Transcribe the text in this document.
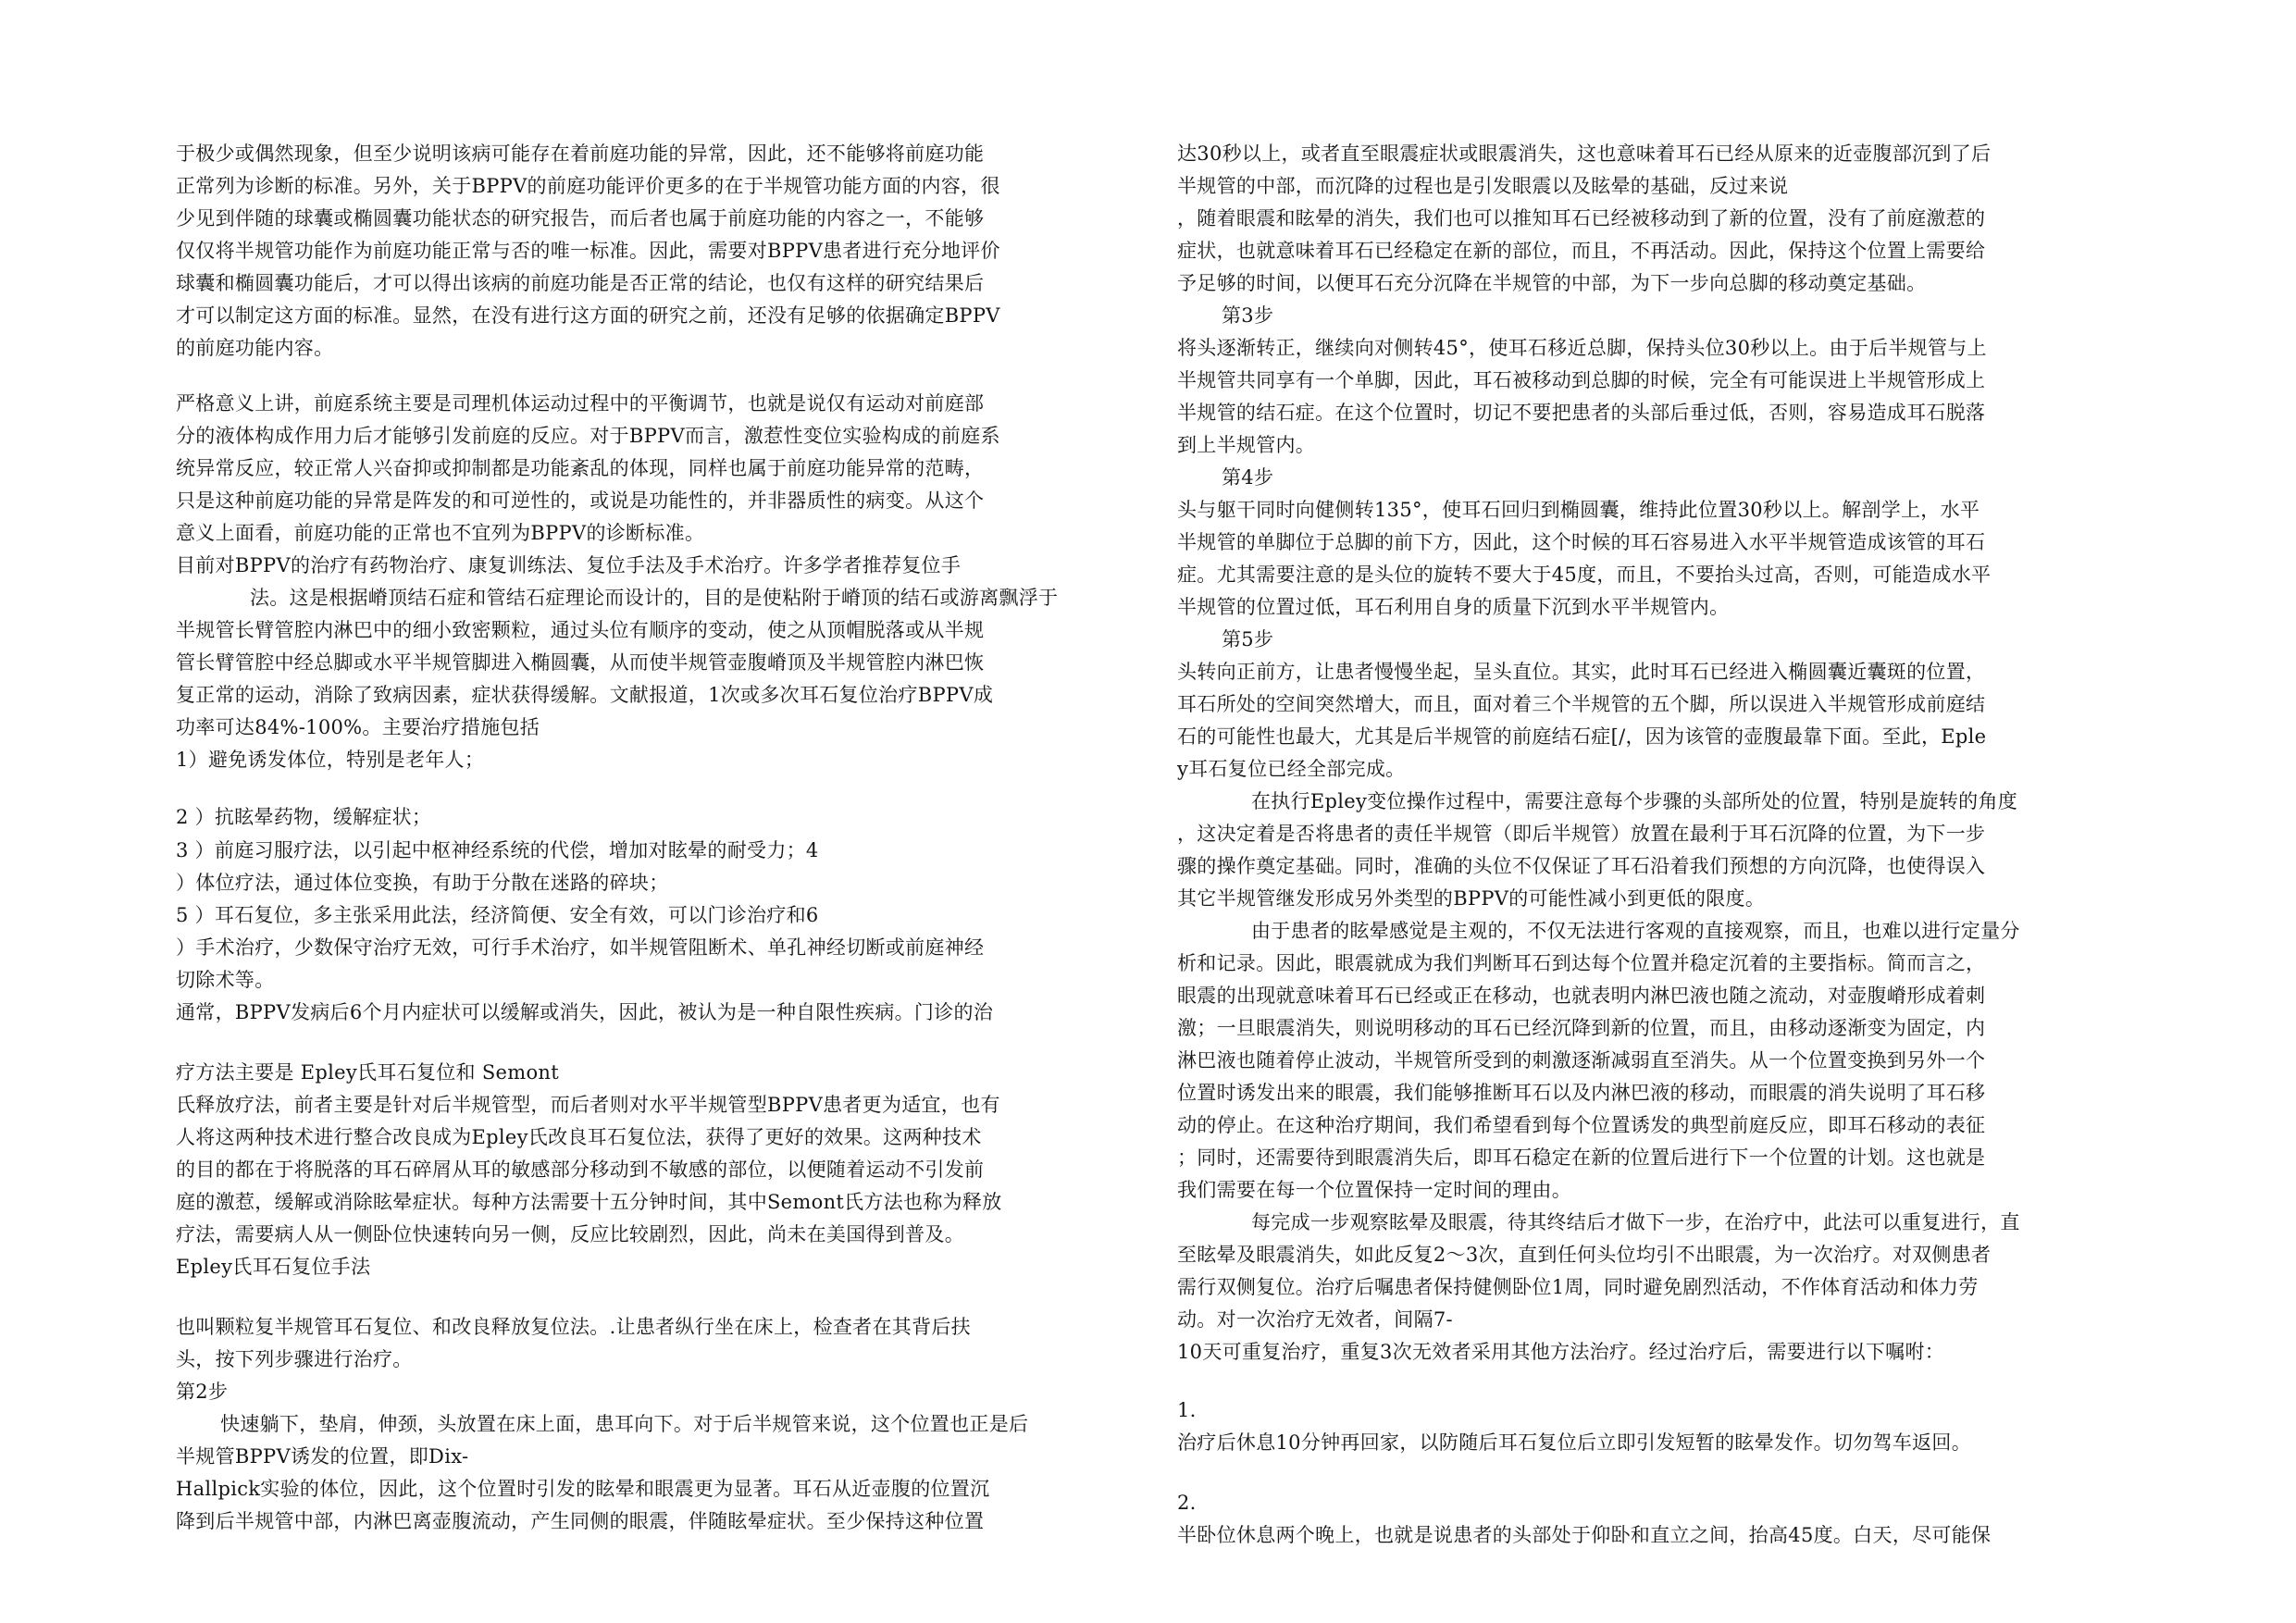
于极少或偶然现象，但至少说明该病可能存在着前庭功能的异常，因此，还不能够将前庭功能
正常列为诊断的标准。另外，关于BPPV的前庭功能评价更多的在于半规管功能方面的内容，很
少见到伴随的球囊或椭圆囊功能状态的研究报告，而后者也属于前庭功能的内容之一，不能够
仅仅将半规管功能作为前庭功能正常与否的唯一标准。因此，需要对BPPV患者进行充分地评价
球囊和椭圆囊功能后，才可以得出该病的前庭功能是否正常的结论，也仅有这样的研究结果后
才可以制定这方面的标准。显然，在没有进行这方面的研究之前，还没有足够的依据确定BPPV
的前庭功能内容。
严格意义上讲，前庭系统主要是司理机体运动过程中的平衡调节，也就是说仅有运动对前庭部
分的液体构成作用力后才能够引发前庭的反应。对于BPPV而言，激惹性变位实验构成的前庭系
统异常反应，较正常人兴奋抑或抑制都是功能紊乱的体现，同样也属于前庭功能异常的范畴，
只是这种前庭功能的异常是阵发的和可逆性的，或说是功能性的，并非器质性的病变。从这个
意义上面看，前庭功能的正常也不宜列为BPPV的诊断标准。
目前对BPPV的治疗有药物治疗、康复训练法、复位手法及手术治疗。许多学者推荐复位手
法。这是根据嵴顶结石症和管结石症理论而设计的，目的是使粘附于嵴顶的结石或游离飘浮于
半规管长臂管腔内淋巴中的细小致密颗粒，通过头位有顺序的变动，使之从顶帽脱落或从半规
管长臂管腔中经总脚或水平半规管脚进入椭圆囊，从而使半规管壶腹嵴顶及半规管腔内淋巴恢
复正常的运动，消除了致病因素，症状获得缓解。文献报道，1次或多次耳石复位治疗BPPV成
功率可达84%-100%。主要治疗措施包括
1）避免诱发体位，特别是老年人；
2 ）抗眩晕药物，缓解症状；
3 ）前庭习服疗法，以引起中枢神经系统的代偿，增加对眩晕的耐受力；4
）体位疗法，通过体位变换，有助于分散在迷路的碎块；
5 ）耳石复位，多主张采用此法，经济简便、安全有效，可以门诊治疗和6
）手术治疗，少数保守治疗无效，可行手术治疗，如半规管阻断术、单孔神经切断或前庭神经
切除术等。
通常，BPPV发病后6个月内症状可以缓解或消失，因此，被认为是一种自限性疾病。门诊的治
疗方法主要是 Epley氏耳石复位和 Semont
氏释放疗法，前者主要是针对后半规管型，而后者则对水平半规管型BPPV患者更为适宜，也有
人将这两种技术进行整合改良成为Epley氏改良耳石复位法，获得了更好的效果。这两种技术
的目的都在于将脱落的耳石碎屑从耳的敏感部分移动到不敏感的部位，以便随着运动不引发前
庭的激惹，缓解或消除眩晕症状。每种方法需要十五分钟时间，其中Semont氏方法也称为释放
疗法，需要病人从一侧卧位快速转向另一侧，反应比较剧烈，因此，尚未在美国得到普及。
Epley氏耳石复位手法
也叫颗粒复半规管耳石复位、和改良释放复位法。.让患者纵行坐在床上，检查者在其背后扶
头，按下列步骤进行治疗。
第2步
快速躺下，垫肩，伸颈，头放置在床上面，患耳向下。对于后半规管来说，这个位置也正是后
半规管BPPV诱发的位置，即Dix-
Hallpick实验的体位，因此，这个位置时引发的眩晕和眼震更为显著。耳石从近壶腹的位置沉
降到后半规管中部，内淋巴离壶腹流动，产生同侧的眼震，伴随眩晕症状。至少保持这种位置
达30秒以上，或者直至眼震症状或眼震消失，这也意味着耳石已经从原来的近壶腹部沉到了后
半规管的中部，而沉降的过程也是引发眼震以及眩晕的基础，反过来说
，随着眼震和眩晕的消失，我们也可以推知耳石已经被移动到了新的位置，没有了前庭激惹的
症状，也就意味着耳石已经稳定在新的部位，而且，不再活动。因此，保持这个位置上需要给
予足够的时间，以便耳石充分沉降在半规管的中部，为下一步向总脚的移动奠定基础。
第3步
将头逐渐转正，继续向对侧转45°，使耳石移近总脚，保持头位30秒以上。由于后半规管与上
半规管共同享有一个单脚，因此，耳石被移动到总脚的时候，完全有可能误进上半规管形成上
半规管的结石症。在这个位置时，切记不要把患者的头部后垂过低，否则，容易造成耳石脱落
到上半规管内。
第4步
头与躯干同时向健侧转135°，使耳石回归到椭圆囊，维持此位置30秒以上。解剖学上，水平
半规管的单脚位于总脚的前下方，因此，这个时候的耳石容易进入水平半规管造成该管的耳石
症。尤其需要注意的是头位的旋转不要大于45度，而且，不要抬头过高，否则，可能造成水平
半规管的位置过低，耳石利用自身的质量下沉到水平半规管内。
第5步
头转向正前方，让患者慢慢坐起，呈头直位。其实，此时耳石已经进入椭圆囊近囊斑的位置，
耳石所处的空间突然增大，而且，面对着三个半规管的五个脚，所以误进入半规管形成前庭结
石的可能性也最大，尤其是后半规管的前庭结石症[/，因为该管的壶腹最靠下面。至此，Eple
y耳石复位已经全部完成。
在执行Epley变位操作过程中，需要注意每个步骤的头部所处的位置，特别是旋转的角度
，这决定着是否将患者的责任半规管（即后半规管）放置在最利于耳石沉降的位置，为下一步
骤的操作奠定基础。同时，准确的头位不仅保证了耳石沿着我们预想的方向沉降，也使得误入
其它半规管继发形成另外类型的BPPV的可能性减小到更低的限度。
由于患者的眩晕感觉是主观的，不仅无法进行客观的直接观察，而且，也难以进行定量分
析和记录。因此，眼震就成为我们判断耳石到达每个位置并稳定沉着的主要指标。简而言之，
眼震的出现就意味着耳石已经或正在移动，也就表明内淋巴液也随之流动，对壶腹嵴形成着刺
激；一旦眼震消失，则说明移动的耳石已经沉降到新的位置，而且，由移动逐渐变为固定，内
淋巴液也随着停止波动，半规管所受到的刺激逐渐减弱直至消失。从一个位置变换到另外一个
位置时诱发出来的眼震，我们能够推断耳石以及内淋巴液的移动，而眼震的消失说明了耳石移
动的停止。在这种治疗期间，我们希望看到每个位置诱发的典型前庭反应，即耳石移动的表征
；同时，还需要待到眼震消失后，即耳石稳定在新的位置后进行下一个位置的计划。这也就是
我们需要在每一个位置保持一定时间的理由。
每完成一步观察眩晕及眼震，待其终结后才做下一步，在治疗中，此法可以重复进行，直
至眩晕及眼震消失，如此反复2～3次，直到任何头位均引不出眼震，为一次治疗。对双侧患者
需行双侧复位。治疗后嘱患者保持健侧卧位1周，同时避免剧烈活动，不作体育活动和体力劳
动。对一次治疗无效者，间隔7-
10天可重复治疗，重复3次无效者采用其他方法治疗。经过治疗后，需要进行以下嘱咐：
1.
治疗后休息10分钟再回家，以防随后耳石复位后立即引发短暂的眩晕发作。切勿驾车返回。
2.
半卧位休息两个晚上，也就是说患者的头部处于仰卧和直立之间，抬高45度。白天，尽可能保
